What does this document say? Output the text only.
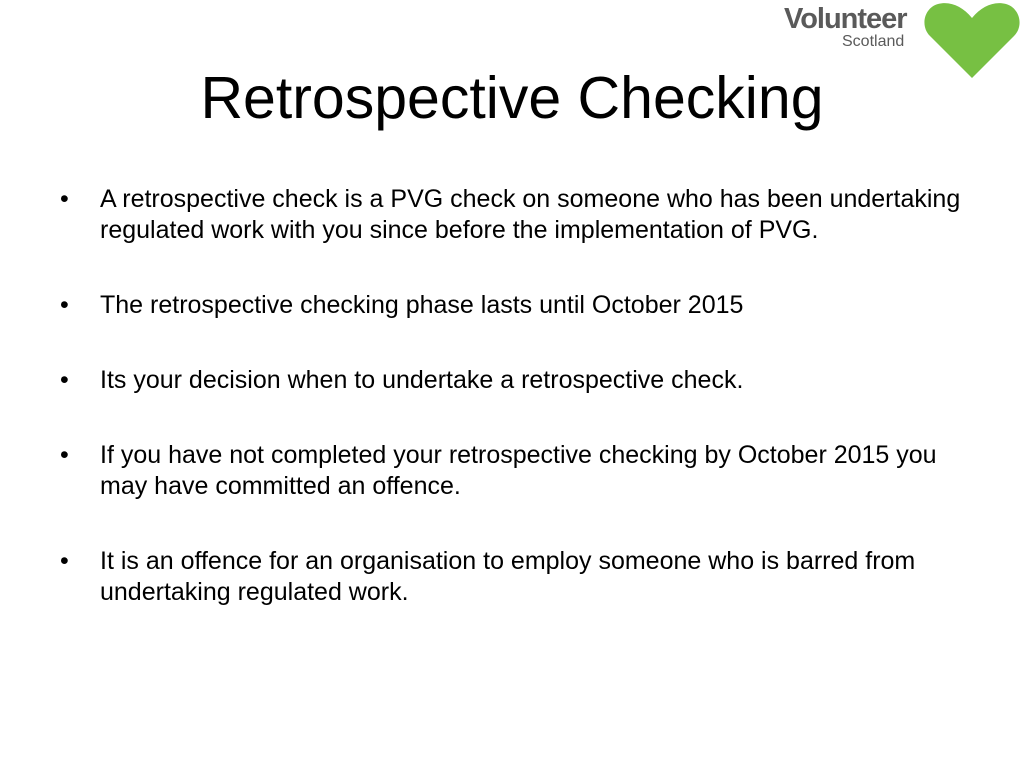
Volunteer
Scotland
Retrospective Checking
•	A retrospective check is a PVG check on someone who has been undertaking regulated work with you since before the implementation of PVG.
•	The retrospective checking phase lasts until October 2015
•	Its your decision when to undertake a retrospective check.
•	If you have not completed your retrospective checking by October 2015 you may have committed an offence.
•	It is an offence for an organisation to employ someone who is barred from undertaking regulated work.
